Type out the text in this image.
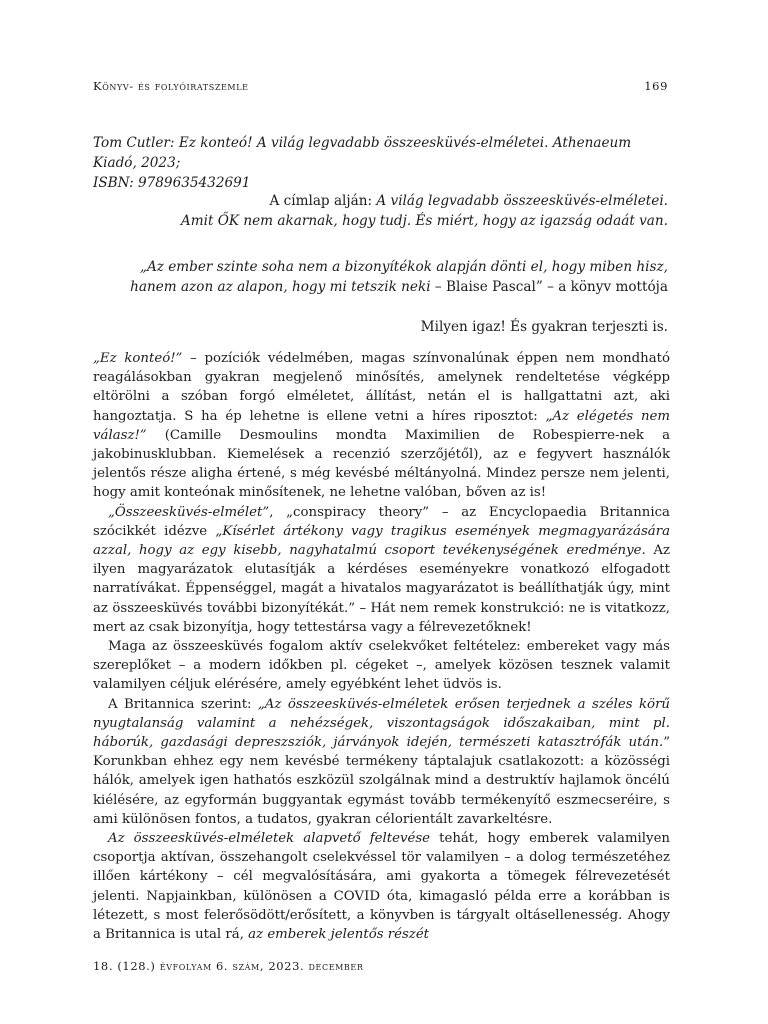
Könyv- és folyóiratszemle	169
Tom Cutler: Ez konteó! A világ legvadabb összeesküvés-elméletei. Athenaeum Kiadó, 2023;
ISBN: 9789635432691
A címlap alján: A világ legvadabb összeesküvés-elméletei.
Amit ŐK nem akarnak, hogy tudj. És miért, hogy az igazság odaát van.
„Az ember szinte soha nem a bizonyítékok alapján dönti el, hogy miben hisz,
hanem azon az alapon, hogy mi tetszik neki – Blaise Pascal” – a könyv mottója
Milyen igaz! És gyakran terjeszti is.

„Ez konteó!” – pozíciók védelmében, magas színvonalúnak éppen nem mondható reagálásokban gyakran megjelenő minősítés, amelynek rendeltetése végképp eltörölni a szóban forgó elméletet, állítást, netán el is hallgattatni azt, aki hangoztatja. S ha ép lehetne is ellene vetni a híres riposztot: „Az elégetés nem válasz!” (Camille Desmoulins mondta Maximilien de Robespierre-nek a jakobinusklubban. Kiemelések a recenzió szerzőjétől), az e fegyvert használók jelentős része aligha értené, s még kevésbé méltányolná. Mindez persze nem jelenti, hogy amit konteónak minősítenek, ne lehetne valóban, bőven az is!

„Összeesküvés-elmélet”, „conspiracy theory” – az Encyclopaedia Britannica szócikkét idézve „Kísérlet ártékony vagy tragikus események megmagyarázására azzal, hogy az egy kisebb, nagyhatalmú csoport tevékenységének eredménye. Az ilyen magyarázatok elutasítják a kérdéses eseményekre vonatkozó elfogadott narratívákat. Éppenséggel, magát a hivatalos magyarázatot is beállíthatják úgy, mint az összeesküvés további bizonyítékát.” – Hát nem remek konstrukció: ne is vitatkozz, mert az csak bizonyítja, hogy tettestársa vagy a félrevezetőknek!

Maga az összeesküvés fogalom aktív cselekvőket feltételez: embereket vagy más szereplőket – a modern időkben pl. cégeket –, amelyek közösen tesznek valamit valamilyen céljuk elérésére, amely egyébként lehet üdvös is.

A Britannica szerint: „Az összeesküvés-elméletek erősen terjednek a széles körű nyugtalanság valamint a nehézségek, viszontagságok időszakaiban, mint pl. háborúk, gazdasági depreszsziók, járványok idején, természeti katasztrófák után.” Korunkban ehhez egy nem kevésbé termékeny táptalajuk csatlakozott: a közösségi hálók, amelyek igen hathatós eszközül szolgálnak mind a destruktív hajlamok öncélú kiélésére, az egyformán buggyantak egymást tovább termékenyítő eszmecseréire, s ami különösen fontos, a tudatos, gyakran célorientált zavarkeltésre.

Az összeesküvés-elméletek alapvető feltevése tehát, hogy emberek valamilyen csoportja aktívan, összehangolt cselekvéssel tör valamilyen – a dolog természetéhez illően kártékony – cél megvalósítására, ami gyakorta a tömegek félrevezetését jelenti. Napjainkban, különösen a COVID óta, kimagasló példa erre a korábban is létezett, s most felerősödött/erősített, a könyvben is tárgyalt oltásellenesség. Ahogy a Britannica is utal rá, az emberek jelentős részét

18. (128.) évfolyam 6. szám, 2023. december
